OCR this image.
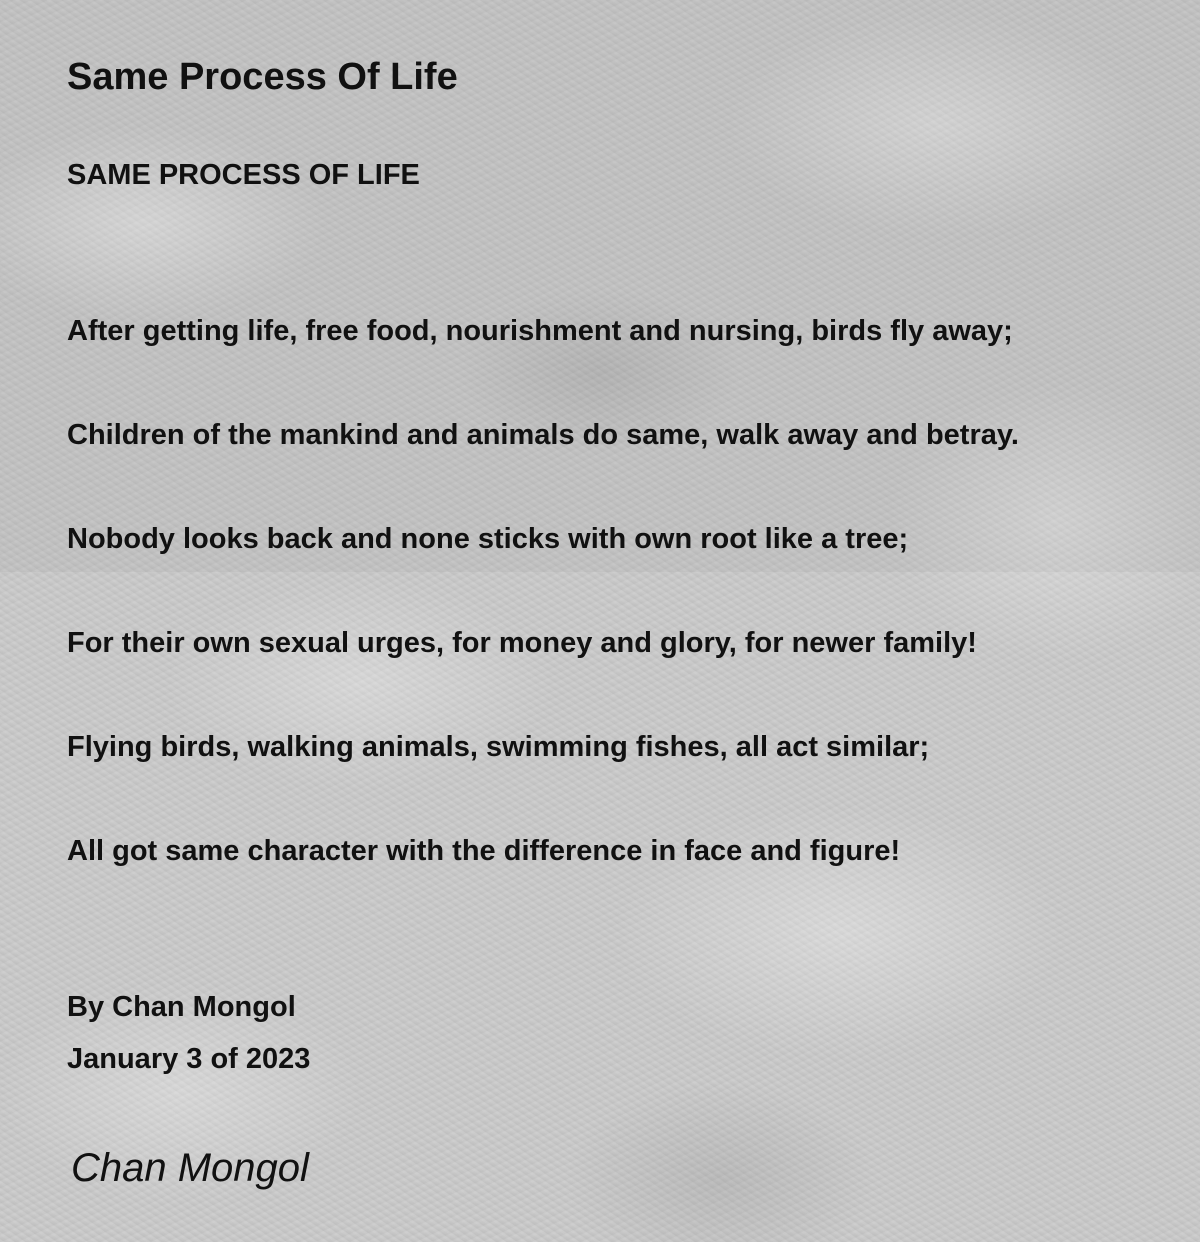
Same Process Of Life
SAME PROCESS OF LIFE
After getting life, free food, nourishment and nursing, birds fly away;
Children of the mankind and animals do same, walk away and betray.
Nobody looks back and none sticks with own root like a tree;
For their own sexual urges, for money and glory, for newer family!
Flying birds, walking animals, swimming fishes, all act similar;
All got same character with the difference in face and figure!
By Chan Mongol
January 3 of 2023
Chan Mongol
